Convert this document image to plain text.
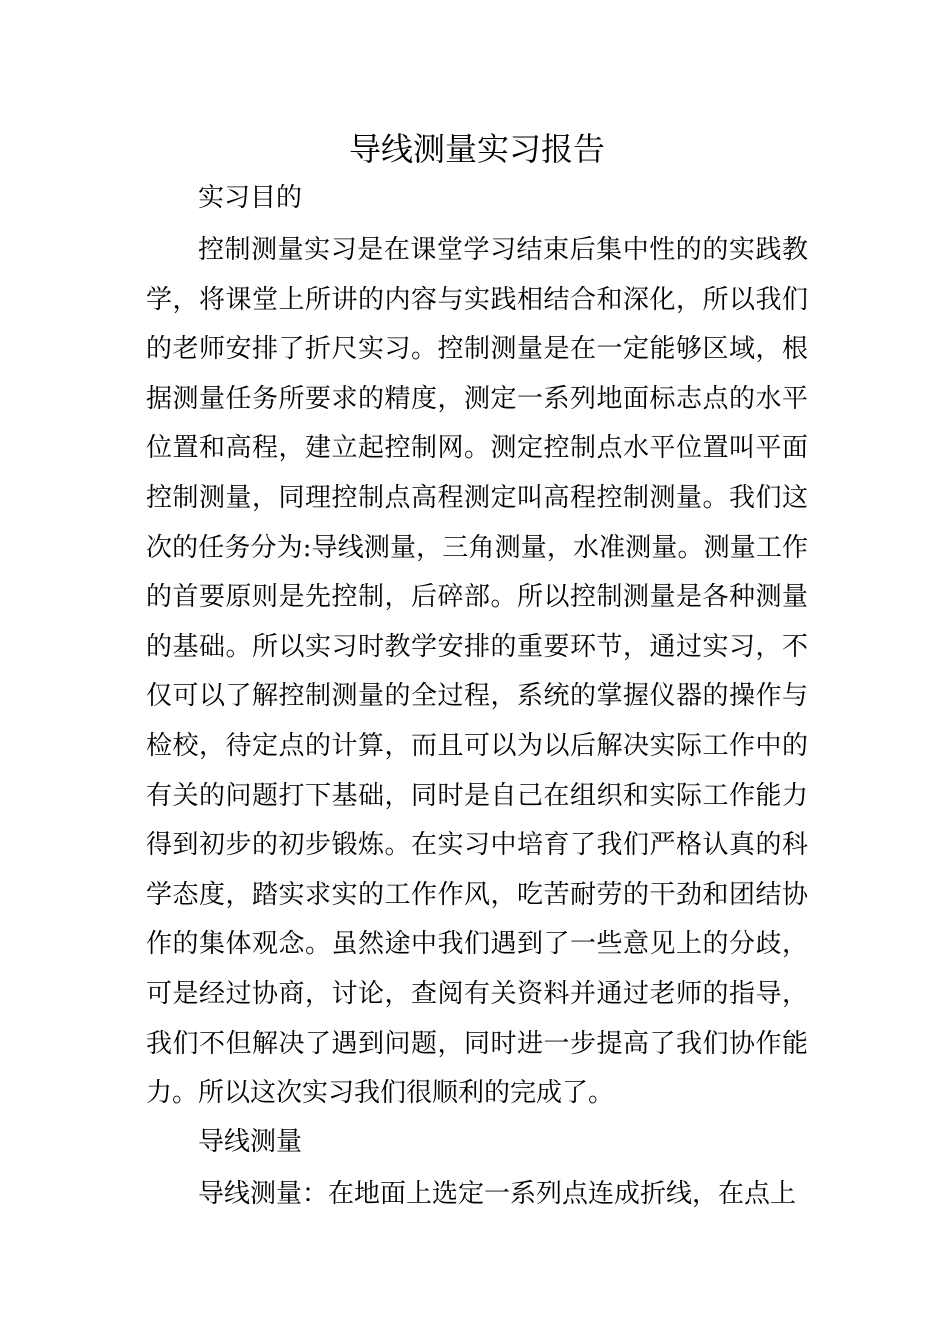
导线测量实习报告

实习目的

控制测量实习是在课堂学习结束后集中性的的实践教学，将课堂上所讲的内容与实践相结合和深化，所以我们的老师安排了折尺实习。控制测量是在一定能够区域，根据测量任务所要求的精度，测定一系列地面标志点的水平位置和高程，建立起控制网。测定控制点水平位置叫平面控制测量，同理控制点高程测定叫高程控制测量。我们这次的任务分为:导线测量，三角测量，水准测量。测量工作的首要原则是先控制，后碎部。所以控制测量是各种测量的基础。所以实习时教学安排的重要环节，通过实习，不仅可以了解控制测量的全过程，系统的掌握仪器的操作与检校，待定点的计算，而且可以为以后解决实际工作中的有关的问题打下基础，同时是自己在组织和实际工作能力得到初步的初步锻炼。在实习中培育了我们严格认真的科学态度，踏实求实的工作作风，吃苦耐劳的干劲和团结协作的集体观念。虽然途中我们遇到了一些意见上的分歧，可是经过协商，讨论，查阅有关资料并通过老师的指导，我们不但解决了遇到问题，同时进一步提高了我们协作能力。所以这次实习我们很顺利的完成了。

导线测量

导线测量：在地面上选定一系列点连成折线，在点上
